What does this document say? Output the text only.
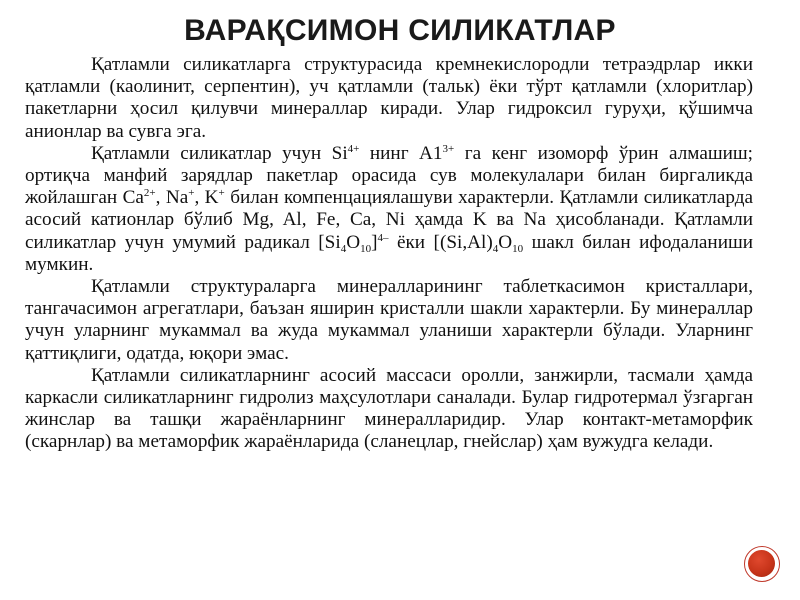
ВАРАҚСИМОН СИЛИКАТЛАР

Қатламли силикатларга структурасида кремнекислородли тетраэдрлар икки қатламли (каолинит, серпентин), уч қатламли (тальк) ёки тўрт қатламли (хлоритлар) пакетларни ҳосил қилувчи минераллар киради. Улар гидроксил гуруҳи, қўшимча анионлар ва сувга эга.

Қатламли силикатлар учун $Si^{4+}$ нинг $A1^{3+}$ га кенг изоморф ўрин алмашиш; ортиқча манфий зарядлар пакетлар орасида сув молекулалари билан биргаликда жойлашган $Ca^{2+}$, Na+, K+ билан компенцациялашуви характерли. Қатламли силикатларда асосий катионлар бўлиб Mg, Al, Fe, Ca, Ni ҳамда K ва Na ҳисобланади. Қатламли силикатлар учун умумий радикал $[Si_4O_{10}]^{4-}$ ёки [$(Si,Al)_4O_{10}$ шакл билан ифодаланиши мумкин.

Қатламли структураларга минералларининг таблеткасимон кристаллари, тангачасимон агрегатлари, баъзан яширин кристалли шакли характерли. Бу минераллар учун уларнинг мукаммал ва жуда мукаммал уланиши характерли бўлади. Уларнинг қаттиқлиги, одатда, юқори эмас.

Қатламли силикатларнинг асосий массаси оролли, занжирли, тасмали ҳамда каркасли силикатларнинг гидролиз маҳсулотлари саналади. Булар гидротермал ўзгарган жинслар ва ташқи жараёнларнинг минералларидир. Улар контакт-метаморфик (скарнлар) ва метаморфик жараёнларида (сланецлар, гнейслар) ҳам вужудга келади.
